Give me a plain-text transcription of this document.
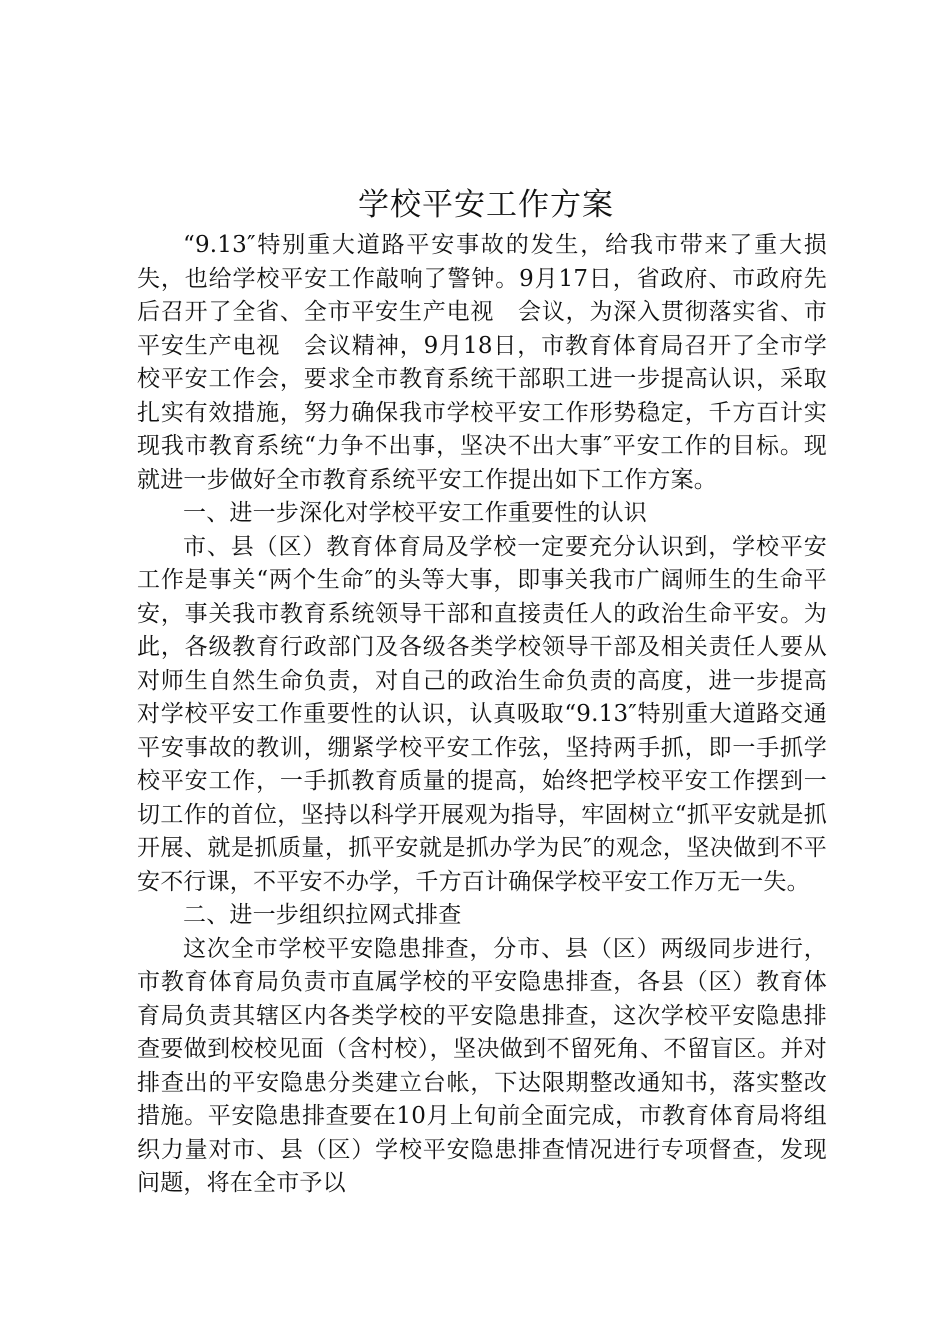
学校平安工作方案

“9.13″特别重大道路平安事故的发生，给我市带来了重大损失，也给学校平安工作敲响了警钟。9月17日，省政府、市政府先后召开了全省、全市平安生产电视　会议，为深入贯彻落实省、市平安生产电视　会议精神，9月18日，市教育体育局召开了全市学校平安工作会，要求全市教育系统干部职工进一步提高认识，采取扎实有效措施，努力确保我市学校平安工作形势稳定，千方百计实现我市教育系统“力争不出事，坚决不出大事″平安工作的目标。现就进一步做好全市教育系统平安工作提出如下工作方案。

一、进一步深化对学校平安工作重要性的认识

市、县（区）教育体育局及学校一定要充分认识到，学校平安工作是事关“两个生命″的头等大事，即事关我市广阔师生的生命平安，事关我市教育系统领导干部和直接责任人的政治生命平安。为此，各级教育行政部门及各级各类学校领导干部及相关责任人要从对师生自然生命负责，对自己的政治生命负责的高度，进一步提高对学校平安工作重要性的认识，认真吸取“9.13″特别重大道路交通平安事故的教训，绷紧学校平安工作弦，坚持两手抓，即一手抓学校平安工作，一手抓教育质量的提高，始终把学校平安工作摆到一切工作的首位，坚持以科学开展观为指导，牢固树立“抓平安就是抓开展、就是抓质量，抓平安就是抓办学为民″的观念，坚决做到不平安不行课，不平安不办学，千方百计确保学校平安工作万无一失。

二、进一步组织拉网式排查

这次全市学校平安隐患排查，分市、县（区）两级同步进行，市教育体育局负责市直属学校的平安隐患排查，各县（区）教育体育局负责其辖区内各类学校的平安隐患排查，这次学校平安隐患排查要做到校校见面（含村校），坚决做到不留死角、不留盲区。并对排查出的平安隐患分类建立台帐，下达限期整改通知书，落实整改措施。平安隐患排查要在10月上旬前全面完成，市教育体育局将组织力量对市、县（区）学校平安隐患排查情况进行专项督查，发现问题，将在全市予以
